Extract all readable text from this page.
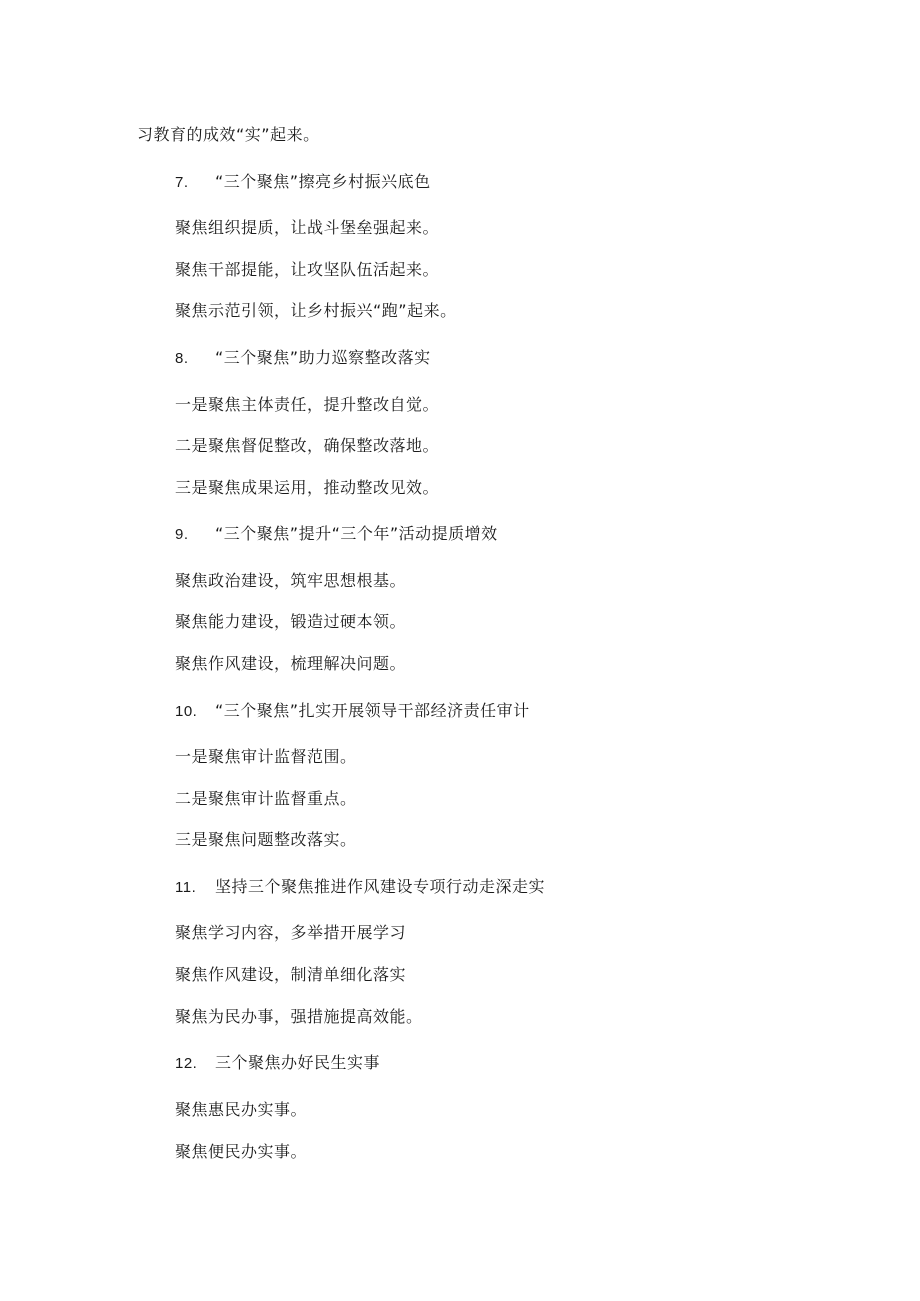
习教育的成效“实”起来。
7. “三个聚焦”擦亮乡村振兴底色
聚焦组织提质，让战斗堡垒强起来。
聚焦干部提能，让攻坚队伍活起来。
聚焦示范引领，让乡村振兴“跑”起来。
8. “三个聚焦”助力巡察整改落实
一是聚焦主体责任，提升整改自觉。
二是聚焦督促整改，确保整改落地。
三是聚焦成果运用，推动整改见效。
9. “三个聚焦”提升“三个年”活动提质增效
聚焦政治建设，筑牢思想根基。
聚焦能力建设，锻造过硬本领。
聚焦作风建设，梳理解决问题。
10. “三个聚焦”扎实开展领导干部经济责任审计
一是聚焦审计监督范围。
二是聚焦审计监督重点。
三是聚焦问题整改落实。
11. 坚持三个聚焦推进作风建设专项行动走深走实
聚焦学习内容，多举措开展学习
聚焦作风建设，制清单细化落实
聚焦为民办事，强措施提高效能。
12. 三个聚焦办好民生实事
聚焦惠民办实事。
聚焦便民办实事。
